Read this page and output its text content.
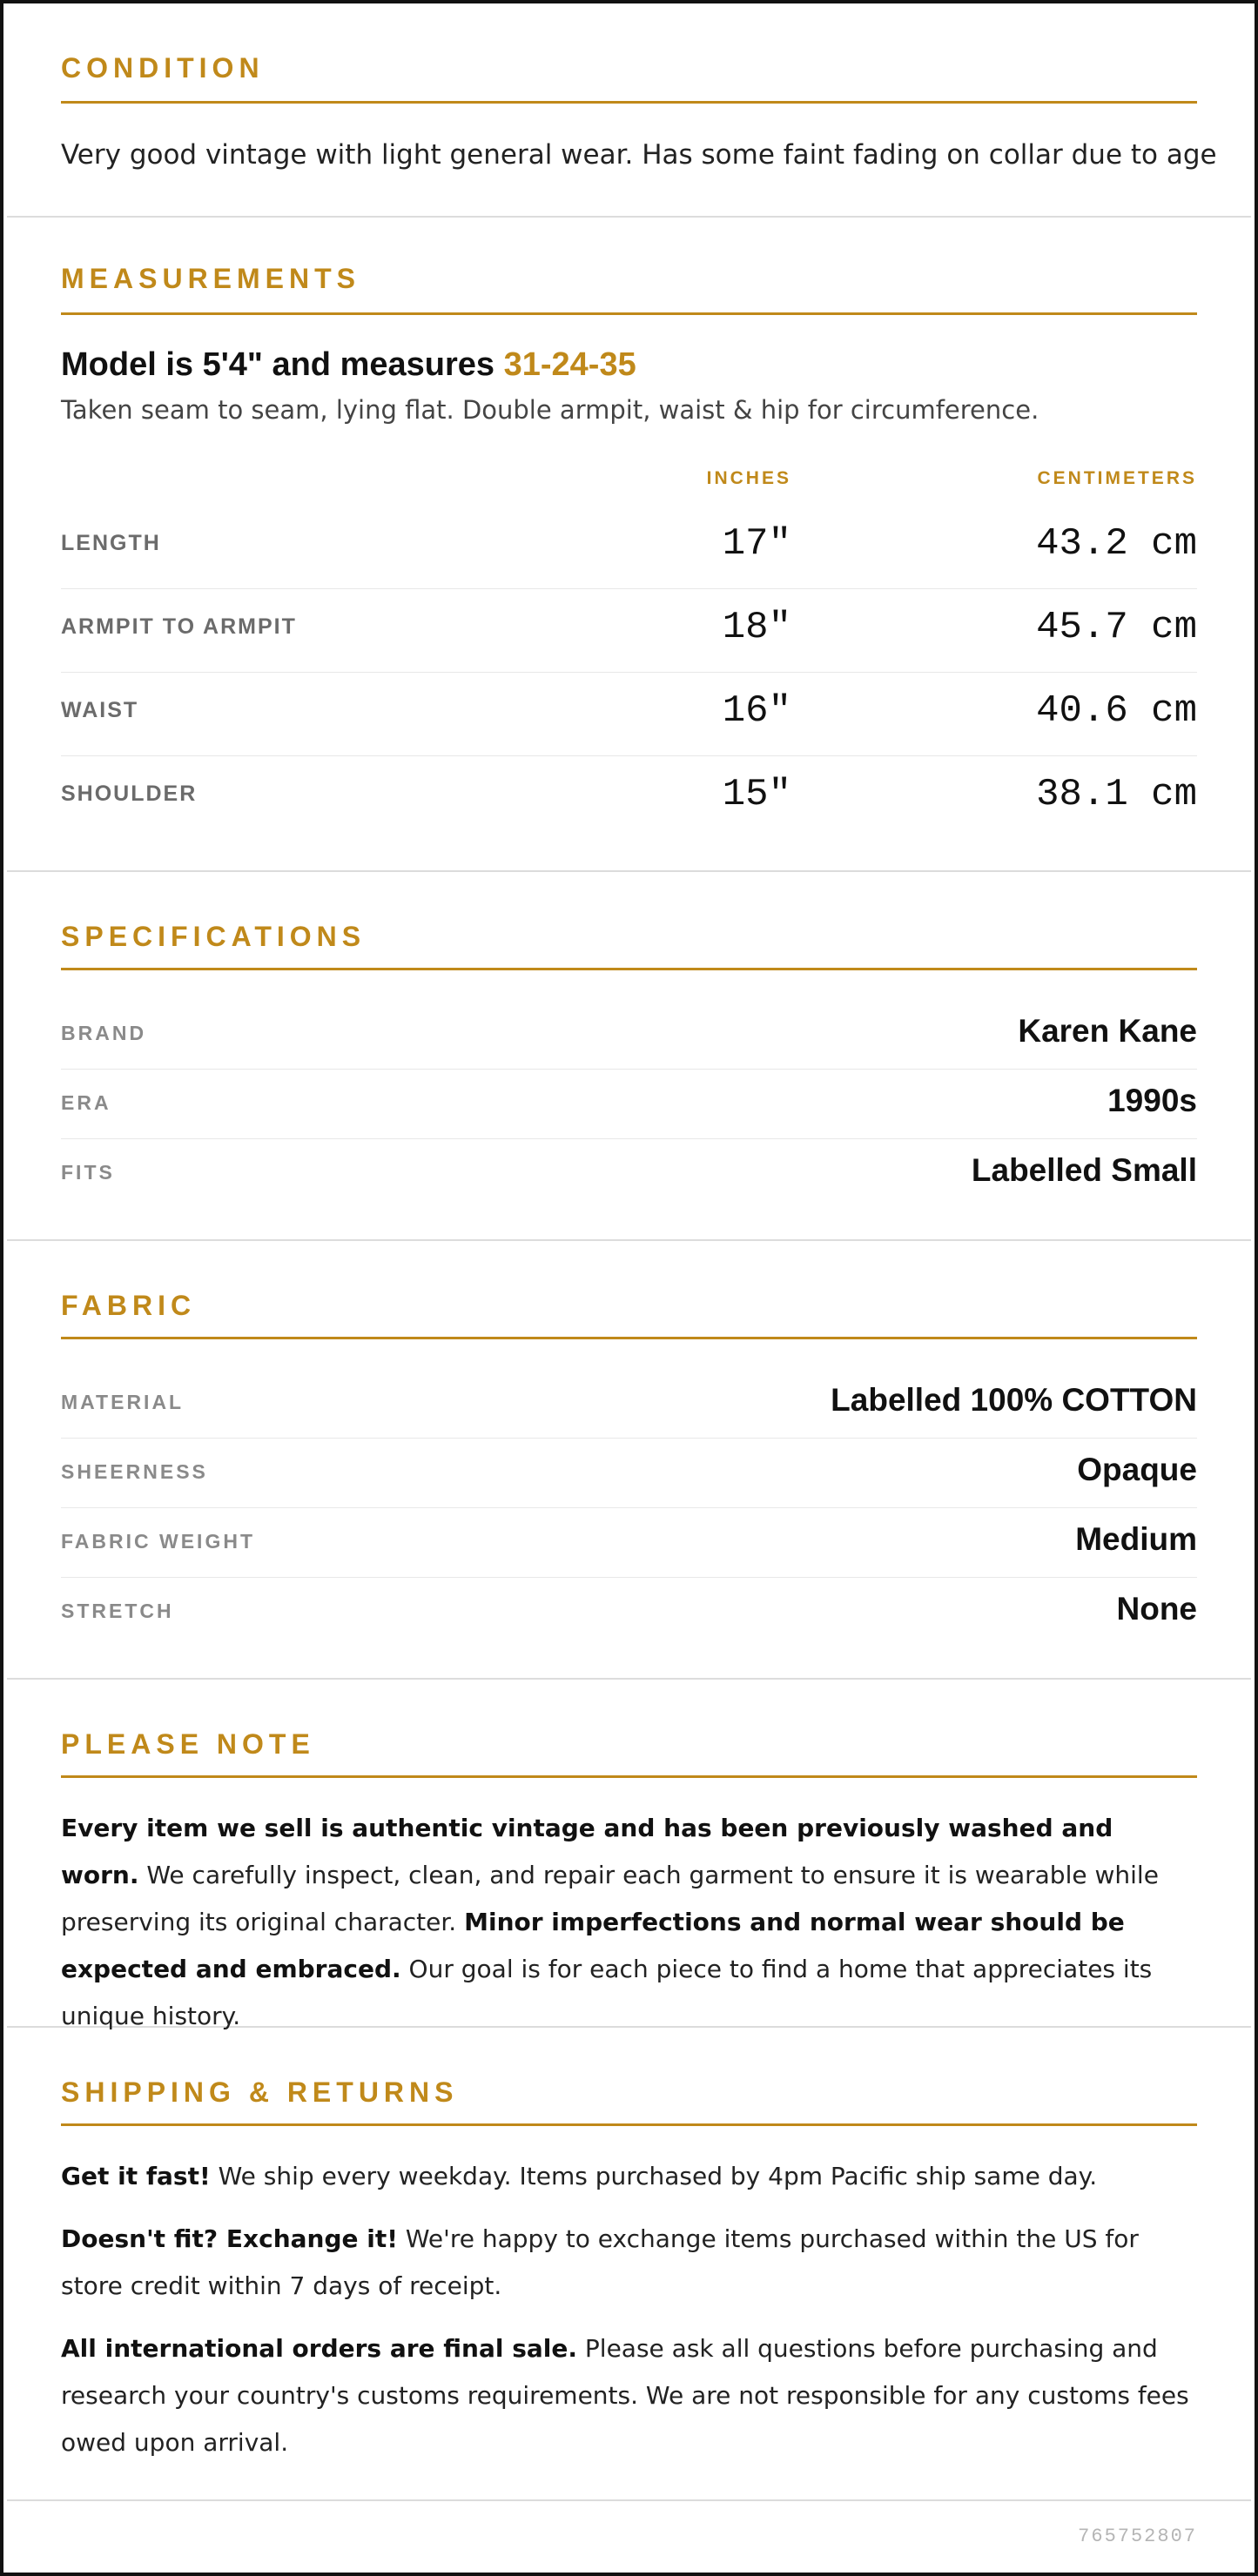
CONDITION
Very good vintage with light general wear. Has some faint fading on collar due to age
MEASUREMENTS
Model is 5'4" and measures 31-24-35
Taken seam to seam, lying flat. Double armpit, waist & hip for circumference.
INCHES	CENTIMETERS
LENGTH	17"	43.2 cm
ARMPIT TO ARMPIT	18"	45.7 cm
WAIST	16"	40.6 cm
SHOULDER	15"	38.1 cm
SPECIFICATIONS
BRAND	Karen Kane
ERA	1990s
FITS	Labelled Small
FABRIC
MATERIAL	Labelled 100% COTTON
SHEERNESS	Opaque
FABRIC WEIGHT	Medium
STRETCH	None
PLEASE NOTE
Every item we sell is authentic vintage and has been previously washed and worn. We carefully inspect, clean, and repair each garment to ensure it is wearable while preserving its original character. Minor imperfections and normal wear should be expected and embraced. Our goal is for each piece to find a home that appreciates its unique history.
SHIPPING & RETURNS
Get it fast! We ship every weekday. Items purchased by 4pm Pacific ship same day.
Doesn't fit? Exchange it! We're happy to exchange items purchased within the US for store credit within 7 days of receipt.
All international orders are final sale. Please ask all questions before purchasing and research your country's customs requirements. We are not responsible for any customs fees owed upon arrival.
765752807
